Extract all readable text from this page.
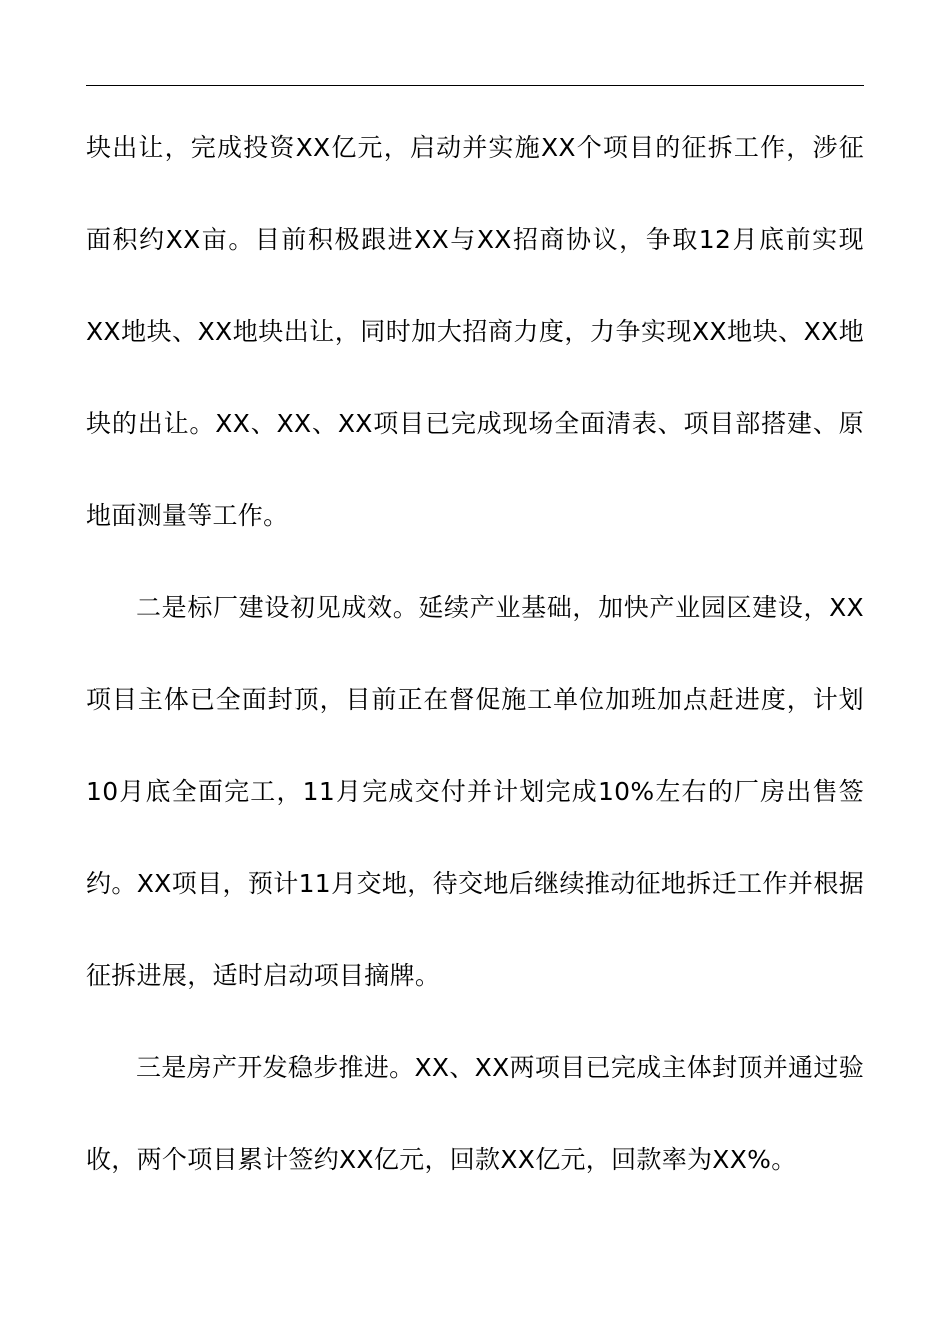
块出让，完成投资XX亿元，启动并实施XX个项目的征拆工作，涉征面积约XX亩。目前积极跟进XX与XX招商协议，争取12月底前实现XX地块、XX地块出让，同时加大招商力度，力争实现XX地块、XX地块的出让。XX、XX、XX项目已完成现场全面清表、项目部搭建、原地面测量等工作。

二是标厂建设初见成效。延续产业基础，加快产业园区建设，XX项目主体已全面封顶，目前正在督促施工单位加班加点赶进度，计划10月底全面完工，11月完成交付并计划完成10%左右的厂房出售签约。XX项目，预计11月交地，待交地后继续推动征地拆迁工作并根据征拆进展，适时启动项目摘牌。

三是房产开发稳步推进。XX、XX两项目已完成主体封顶并通过验收，两个项目累计签约XX亿元，回款XX亿元，回款率为XX%。
